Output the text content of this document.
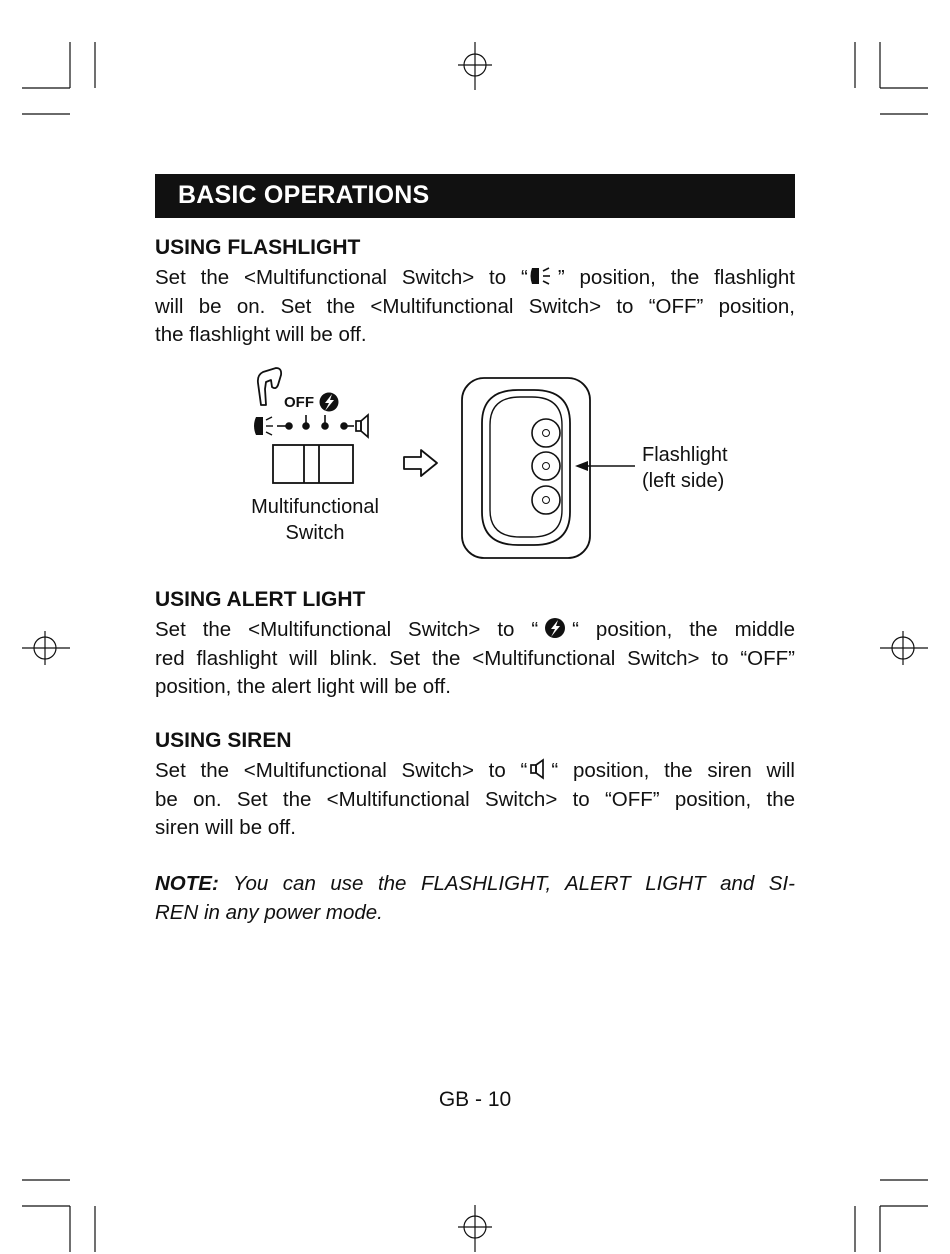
BASIC OPERATIONS
USING FLASHLIGHT
Set the <Multifunctional Switch> to “ ” position, the flashlight
will be on. Set the <Multifunctional Switch> to “OFF” position,
the flashlight will be off.
OFF
Multifunctional
Switch
Flashlight
(left side)
USING ALERT LIGHT
Set the <Multifunctional Switch> to “ “ position, the middle
red flashlight will blink. Set the <Multifunctional Switch> to “OFF”
position, the alert light will be off.
USING SIREN
Set the <Multifunctional Switch> to “ “ position, the siren will
be on. Set the <Multifunctional Switch> to “OFF” position, the
siren will be off.
NOTE: You can use the FLASHLIGHT, ALERT LIGHT and SI-
REN in any power mode.
GB - 10
